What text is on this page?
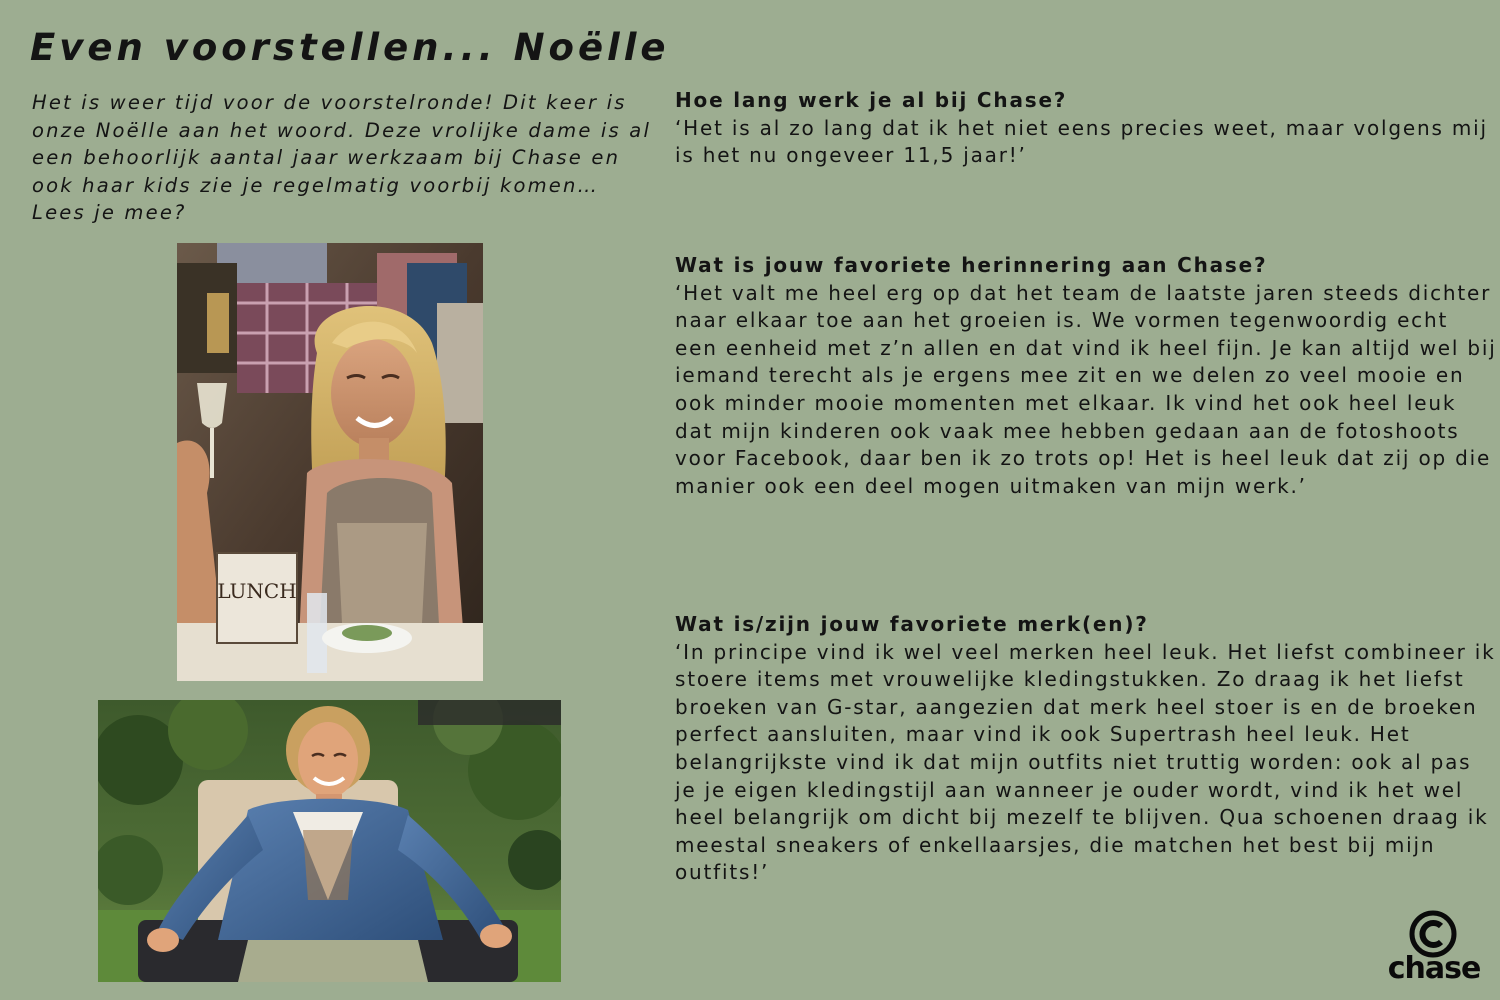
Even voorstellen... Noëlle

Het is weer tijd voor de voorstelronde! Dit keer is onze Noëlle aan het woord. Deze vrolijke dame is al een behoorlijk aantal jaar werkzaam bij Chase en ook haar kids zie je regelmatig voorbij komen… Lees je mee?

LUNCH

Hoe lang werk je al bij Chase?

‘Het is al zo lang dat ik het niet eens precies weet, maar volgens mij is het nu ongeveer 11,5 jaar!’

Wat is jouw favoriete herinnering aan Chase?

‘Het valt me heel erg op dat het team de laatste jaren steeds dichter naar elkaar toe aan het groeien is. We vormen tegenwoordig echt een eenheid met z’n allen en dat vind ik heel fijn. Je kan altijd wel bij iemand terecht als je ergens mee zit en we delen zo veel mooie en ook minder mooie momenten met elkaar. Ik vind het ook heel leuk dat mijn kinderen ook vaak mee hebben gedaan aan de fotoshoots voor Facebook, daar ben ik zo trots op! Het is heel leuk dat zij op die manier ook een deel mogen uitmaken van mijn werk.’

Wat is/zijn jouw favoriete merk(en)?

‘In principe vind ik wel veel merken heel leuk. Het liefst combineer ik stoere items met vrouwelijke kledingstukken. Zo draag ik het liefst broeken van G-star, aangezien dat merk heel stoer is en de broeken perfect aansluiten, maar vind ik ook Supertrash heel leuk. Het belangrijkste vind ik dat mijn outfits niet truttig worden: ook al pas je je eigen kledingstijl aan wanneer je ouder wordt, vind ik het wel heel belangrijk om dicht bij mezelf te blijven. Qua schoenen draag ik meestal sneakers of enkellaarsjes, die matchen het best bij mijn outfits!’

chase
